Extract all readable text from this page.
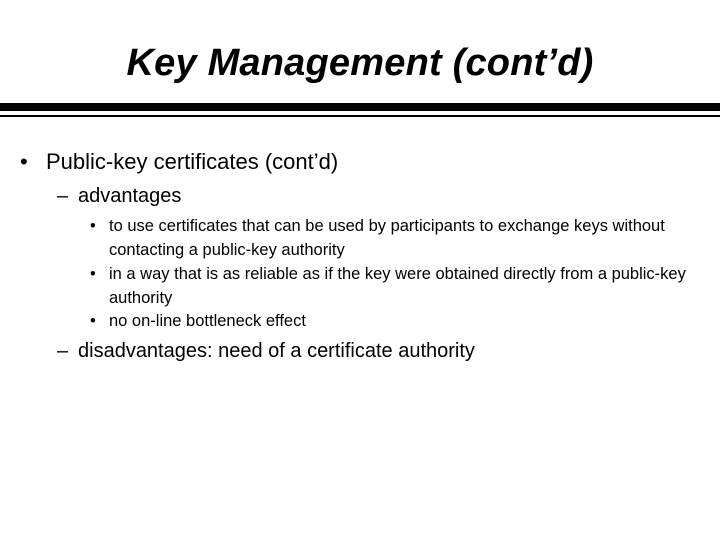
Key Management (cont’d)
• Public-key certificates (cont’d)
– advantages
• to use certificates that can be used by participants to exchange keys without contacting a public-key authority
• in a way that is as reliable as if the key were obtained directly from a public-key authority
• no on-line bottleneck effect
– disadvantages: need of a certificate authority
